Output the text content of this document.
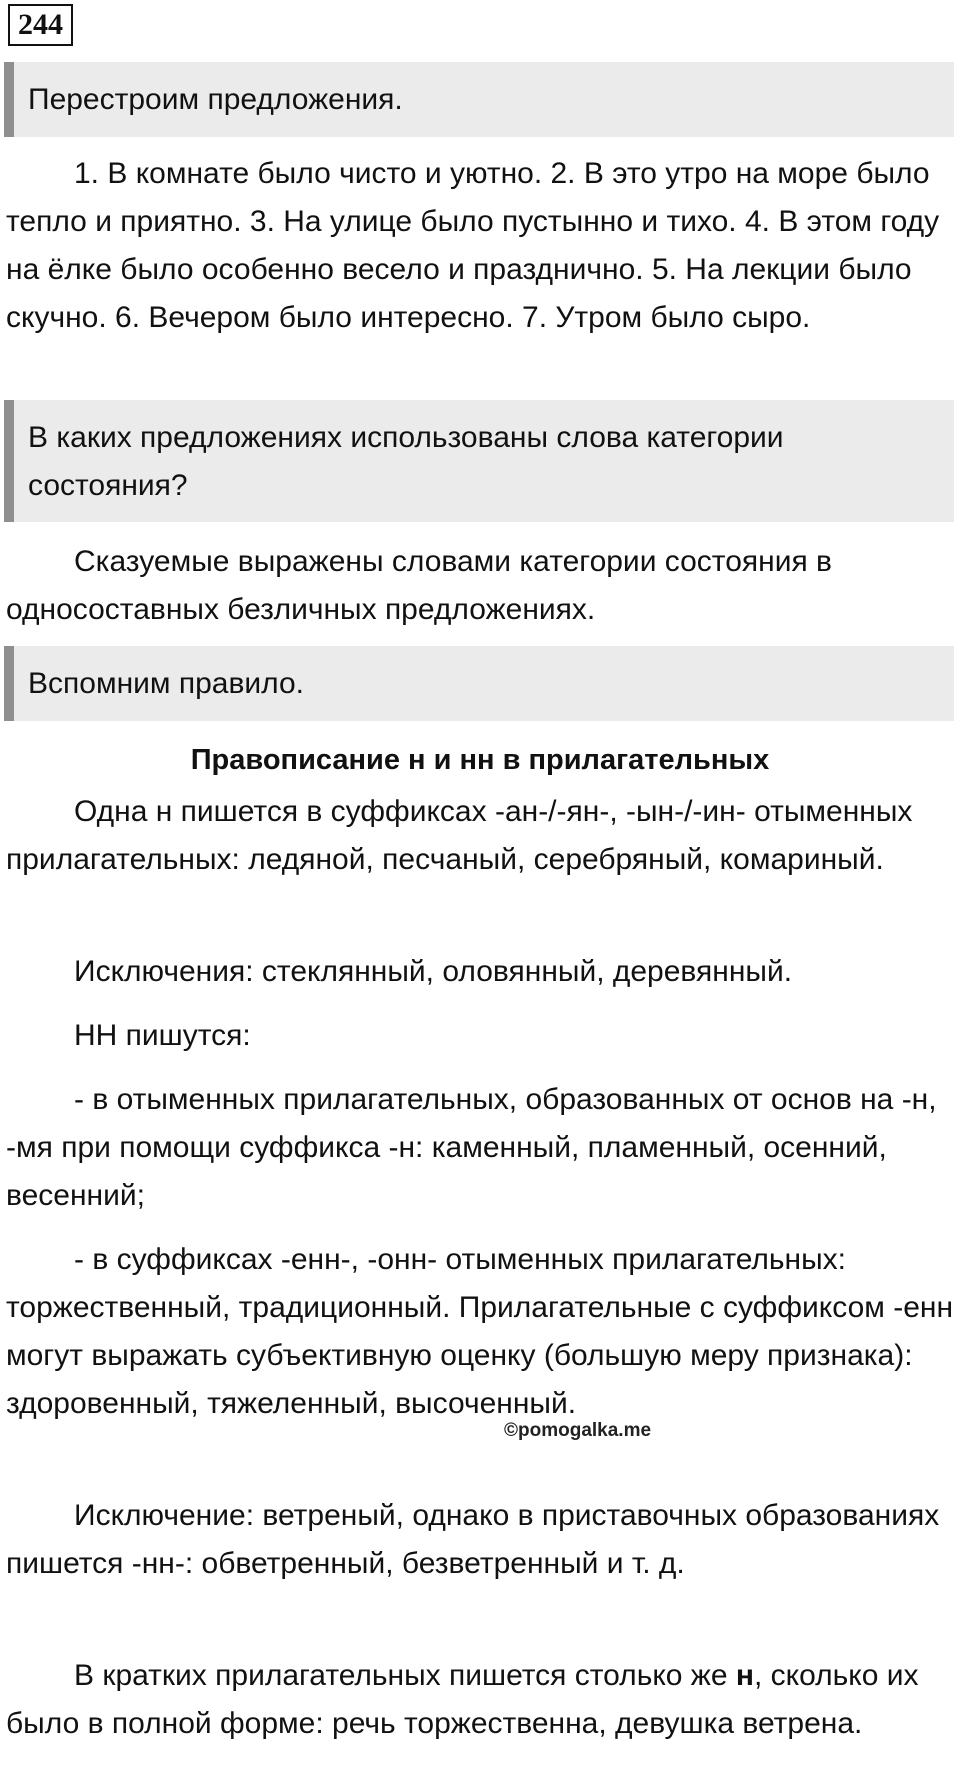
244
Перестроим предложения.

1. В комнате было чисто и уютно. 2. В это утро на море было тепло и приятно. 3. На улице было пустынно и тихо. 4. В этом году на ёлке было особенно весело и празднично. 5. На лекции было скучно. 6. Вечером было интересно. 7. Утром было сыро.

В каких предложениях использованы слова категории состояния?

Сказуемые выражены словами категории состояния в односоставных безличных предложениях.

Вспомним правило.
Правописание н и нн в прилагательных

Одна н пишется в суффиксах -ан-/-ян-, -ын-/-ин- отыменных прилагательных: ледяной, песчаный, серебряный, комариный.

Исключения: стеклянный, оловянный, деревянный.

НН пишутся:

- в отыменных прилагательных, образованных от основ на -н, -мя при помощи суффикса -н: каменный, пламенный, осенний, весенний;

- в суффиксах -енн-, -онн- отыменных прилагательных: торжественный, традиционный. Прилагательные с суффиксом -енн могут выражать субъективную оценку (большую меру признака): здоровенный, тяжеленный, высоченный.

©pomogalka.me

Исключение: ветреный, однако в приставочных образованиях пишется -нн-: обветренный, безветренный и т. д.

В кратких прилагательных пишется столько же н, сколько их было в полной форме: речь торжественна, девушка ветрена.
